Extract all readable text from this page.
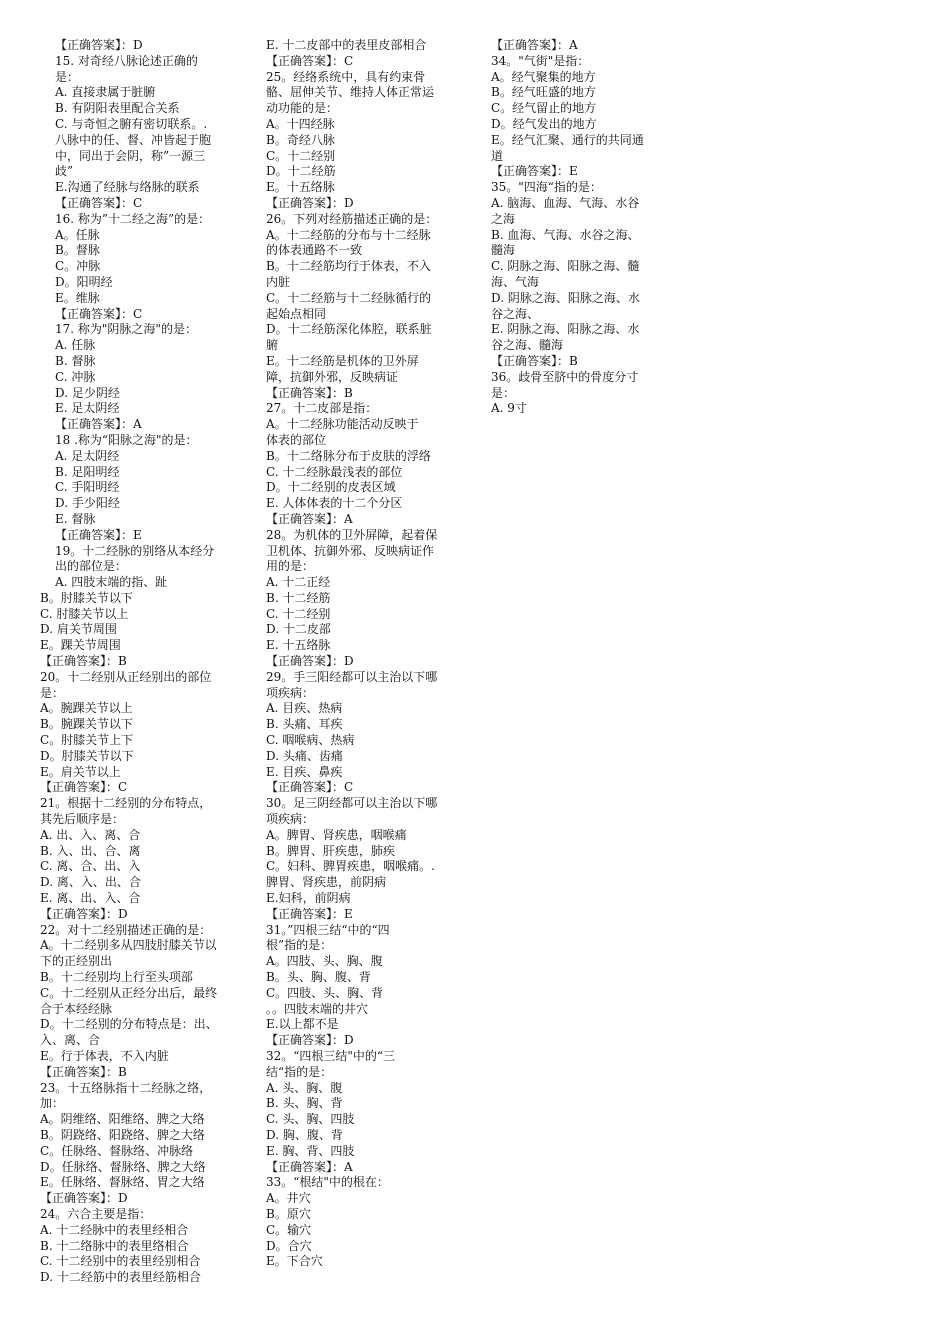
【正确答案】：D
15. 对奇经八脉论述正确的
是：
A. 直接隶属于脏腑
B. 有阴阳表里配合关系
C. 与奇恒之腑有密切联系。.
八脉中的任、督、冲皆起于胞
中，同出于会阴，称”一源三
歧”
E.沟通了经脉与络脉的联系
【正确答案】：C
16. 称为”十二经之海”的是：
A。任脉
B。督脉
C。冲脉
D。阳明经
E。维脉
【正确答案】：C
17. 称为"阴脉之海"的是：
A. 任脉
B. 督脉
C. 冲脉
D. 足少阴经
E. 足太阴经
【正确答案】：A
18 .称为“阳脉之海"的是：
A. 足太阴经
B. 足阳明经
C. 手阳明经
D. 手少阳经
E. 督脉
【正确答案】：E
19。十二经脉的别络从本经分
出的部位是：
A. 四肢末端的指、趾
B。肘膝关节以下
C. 肘膝关节以上
D. 肩关节周围
E。踝关节周围
【正确答案】：B
20。十二经别从正经别出的部位
是：
A。腕踝关节以上
B。腕踝关节以下
C。肘膝关节上下
D。肘膝关节以下
E。肩关节以上
【正确答案】：C
21。根据十二经别的分布特点，
其先后顺序是：
A. 出、入、离、合
B. 入、出、合、离
C. 离、合、出、入
D. 离、入、出、合
E. 离、出、入、合
【正确答案】：D
22。对十二经别描述正确的是：
A。十二经别多从四肢肘膝关节以
下的正经别出
B。十二经别均上行至头项部
C。十二经别从正经分出后，最终
合于本经经脉
D。十二经别的分布特点是：出、
入、离、合
E。行于体表，不入内脏
【正确答案】：B
23。十五络脉指十二经脉之络，
加：
A。阴维络、阳维络、脾之大络
B。阴跷络、阳跷络、脾之大络
C。任脉络、督脉络、冲脉络
D。任脉络、督脉络、脾之大络
E。任脉络、督脉络、胃之大络
【正确答案】：D
24。六合主要是指：
A. 十二经脉中的表里经相合
B. 十二络脉中的表里络相合
C. 十二经别中的表里经别相合
D. 十二经筋中的表里经筋相合
E. 十二皮部中的表里皮部相合
【正确答案】：C
25。经络系统中，具有约束骨
骼、屈伸关节、维持人体正常运
动功能的是：
A。十四经脉
B。奇经八脉
C。十二经别
D。十二经筋
E。十五络脉
【正确答案】：D
26。下列对经筋描述正确的是：
A。十二经筋的分布与十二经脉
的体表通路不一致
B。十二经筋均行于体表，不入
内脏
C。十二经筋与十二经脉循行的
起始点相同
D。十二经筋深化体腔，联系脏
腑
E。十二经筋是机体的卫外屏
障，抗御外邪，反映病证
【正确答案】：B
27。十二皮部是指：
A。十二经脉功能活动反映于
体表的部位
B。十二络脉分布于皮肤的浮络
C. 十二经脉最浅表的部位
D。十二经别的皮表区域
E. 人体体表的十二个分区
【正确答案】：A
28。为机体的卫外屏障，起着保
卫机体、抗御外邪、反映病证作
用的是：
A. 十二正经
B. 十二经筋
C. 十二经别
D. 十二皮部
E. 十五络脉
【正确答案】：D
29。手三阳经都可以主治以下哪
项疾病：
A. 目疾、热病
B. 头痛、耳疾
C. 咽喉病、热病
D. 头痛、齿痛
E. 目疾、鼻疾
【正确答案】：C
30。足三阴经都可以主治以下哪
项疾病：
A。脾胃、肾疾患，咽喉痛
B。脾胃、肝疾患，肺疾
C。妇科、脾胃疾患，咽喉痛。.
脾胃、肾疾患，前阴病
E.妇科，前阴病
【正确答案】：E
31。”四根三结“中的“四
根”指的是：
A。四肢、头、胸、腹
B。头、胸、腹、背
C。四肢、头、胸、背
。。四肢末端的井穴
E.以上都不是
【正确答案】：D
32。“四根三结"中的“三
结“指的是：
A. 头、胸、腹
B. 头、胸、背
C. 头、胸、四肢
D. 胸、腹、背
E. 胸、背、四肢
【正确答案】：A
33。“根结"中的根在：
A。井穴
B。原穴
C。输穴
D。合穴
E。下合穴
【正确答案】：A
34。"气街"是指：
A。经气聚集的地方
B。经气旺盛的地方
C。经气留止的地方
D。经气发出的地方
E。经气汇聚、通行的共同通
道
【正确答案】：E
35。"四海“指的是：
A. 脑海、血海、气海、水谷
之海
B. 血海、气海、水谷之海、
髓海
C. 阴脉之海、阳脉之海、髓
海、气海
D. 阴脉之海、阳脉之海、水
谷之海、
E. 阴脉之海、阳脉之海、水
谷之海、髓海
【正确答案】：B
36。歧骨至脐中的骨度分寸
是：
A. 9寸
